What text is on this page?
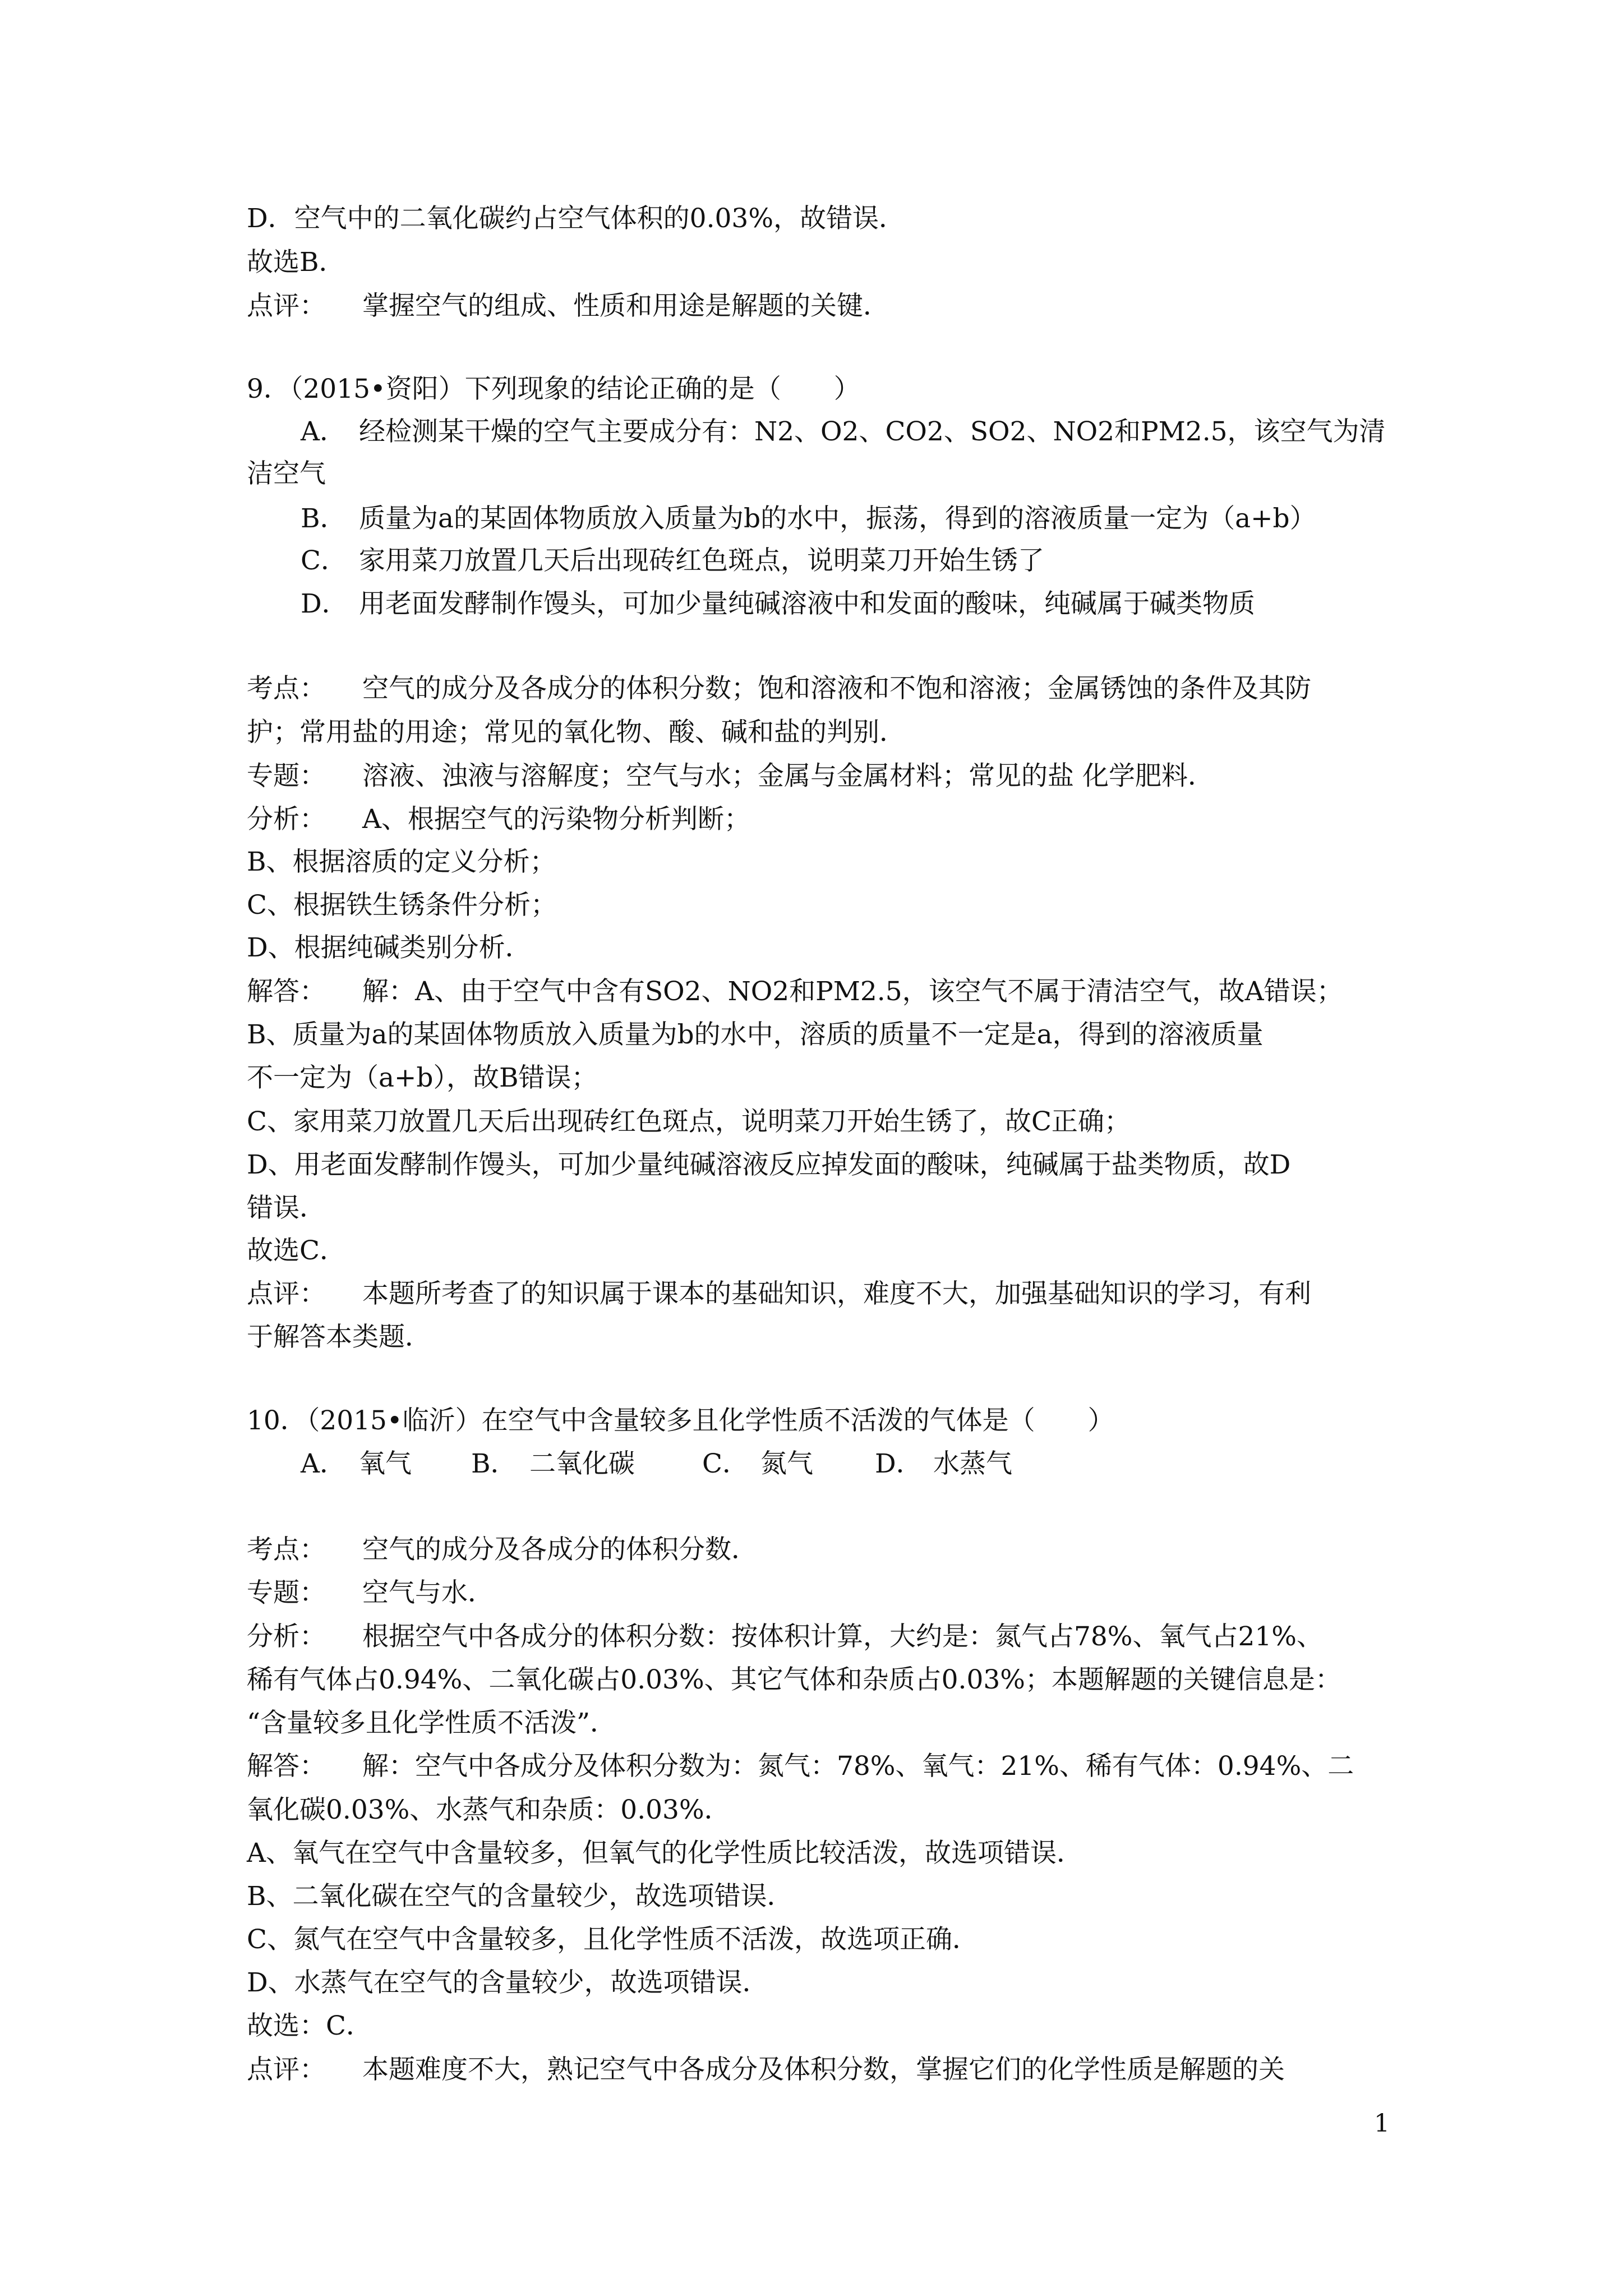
D．空气中的二氧化碳约占空气体积的0.03%，故错误．
故选B．
点评： 掌握空气的组成、性质和用途是解题的关键．
9．（2015•资阳）下列现象的结论正确的是（　　）
A． 经检测某干燥的空气主要成分有：N2、O2、CO2、SO2、NO2和PM2.5，该空气为清
洁空气
B． 质量为a的某固体物质放入质量为b的水中，振荡，得到的溶液质量一定为（a+b）
C． 家用菜刀放置几天后出现砖红色斑点，说明菜刀开始生锈了
D． 用老面发酵制作馒头，可加少量纯碱溶液中和发面的酸味，纯碱属于碱类物质
考点： 空气的成分及各成分的体积分数；饱和溶液和不饱和溶液；金属锈蚀的条件及其防
护；常用盐的用途；常见的氧化物、酸、碱和盐的判别．
专题： 溶液、浊液与溶解度；空气与水；金属与金属材料；常见的盐 化学肥料．
分析： A、根据空气的污染物分析判断；
B、根据溶质的定义分析；
C、根据铁生锈条件分析；
D、根据纯碱类别分析．
解答： 解：A、由于空气中含有SO2、NO2和PM2.5，该空气不属于清洁空气，故A错误；
B、质量为a的某固体物质放入质量为b的水中，溶质的质量不一定是a，得到的溶液质量
不一定为（a+b），故B错误；
C、家用菜刀放置几天后出现砖红色斑点，说明菜刀开始生锈了，故C正确；
D、用老面发酵制作馒头，可加少量纯碱溶液反应掉发面的酸味，纯碱属于盐类物质，故D
错误．
故选C．
点评： 本题所考查了的知识属于课本的基础知识，难度不大，加强基础知识的学习，有利
于解答本类题．
10．（2015•临沂）在空气中含量较多且化学性质不活泼的气体是（　　）
A． 氧气 B． 二氧化碳	C． 氮气 D． 水蒸气
考点： 空气的成分及各成分的体积分数．
专题： 空气与水．
分析： 根据空气中各成分的体积分数：按体积计算，大约是：氮气占78%、氧气占21%、
稀有气体占0.94%、二氧化碳占0.03%、其它气体和杂质占0.03%；本题解题的关键信息是：
“含量较多且化学性质不活泼”．
解答： 解：空气中各成分及体积分数为：氮气：78%、氧气：21%、稀有气体：0.94%、二
氧化碳0.03%、水蒸气和杂质：0.03%．
A、氧气在空气中含量较多，但氧气的化学性质比较活泼，故选项错误．
B、二氧化碳在空气的含量较少，故选项错误．
C、氮气在空气中含量较多，且化学性质不活泼，故选项正确．
D、水蒸气在空气的含量较少，故选项错误．
故选：C．
点评： 本题难度不大，熟记空气中各成分及体积分数，掌握它们的化学性质是解题的关
1
